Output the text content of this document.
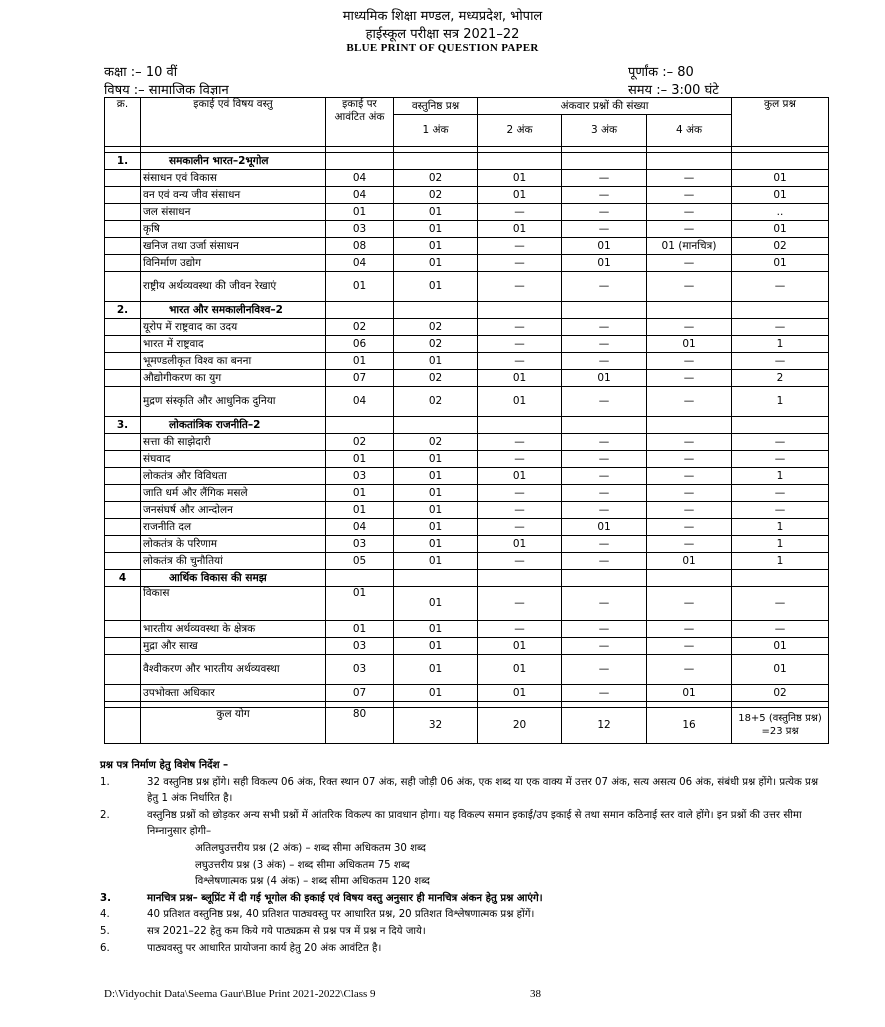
माध्यमिक शिक्षा मण्डल, मध्यप्रदेश, भोपाल
हाईस्कूल परीक्षा सत्र 2021–22
BLUE PRINT OF QUESTION PAPER
कक्षा :– 10 वीं
विषय :– सामाजिक विज्ञान
पूर्णांक :– 80
समय :– 3:00 घंटे
क्र.	इकाई एवं विषय वस्तु	इकाई पर आवंटित अंक	वस्तुनिष्ठ प्रश्न	अंकवार प्रश्नों की संख्या			कुल प्रश्न
			1 अंक	2 अंक	3 अंक	4 अंक	

1.	समकालीन भारत–2भूगोल						
	संसाधन एवं विकास	04	02	01	—	—	01
	वन एवं वन्य जीव संसाधन	04	02	01	—	—	01
	जल संसाधन	01	01	—	—	—	..
	कृषि	03	01	01	—	—	01
	खनिज तथा उर्जा संसाधन	08	01	—	01	01 (मानचित्र)	02
	विनिर्माण उद्योग	04	01	—	01	—	01
	राष्ट्रीय अर्थव्यवस्था की जीवन रेखाएं	01	01	—	—	—	—
2.	भारत और समकालीनविश्व–2						
	यूरोप में राष्ट्रवाद का उदय	02	02	—	—	—	—
	भारत में राष्ट्रवाद	06	02	—	—	01	1
	भूमण्डलीकृत विश्व का बनना	01	01	—	—	—	—
	औद्योगीकरण का युग	07	02	01	01	—	2
	मुद्रण संस्कृति और आधुनिक दुनिया	04	02	01	—	—	1
3.	लोकतांत्रिक राजनीति–2						
	सत्ता की साझेदारी	02	02	—	—	—	—
	संघवाद	01	01	—	—	—	—
	लोकतंत्र और विविधता	03	01	01	—	—	1
	जाति धर्म और लैंगिक मसले	01	01	—	—	—	—
	जनसंघर्ष और आन्दोलन	01	01	—	—	—	—
	राजनीति दल	04	01	—	01	—	1
	लोकतंत्र के परिणाम	03	01	01	—	—	1
	लोकतंत्र की चुनौतियां	05	01	—	—	01	1
4	आर्थिक विकास की समझ						
	विकास	01	01	—	—	—	—
	भारतीय अर्थव्यवस्था के क्षेत्रक	01	01	—	—	—	—
	मुद्रा और साख	03	01	01	—	—	01
	वैश्वीकरण और भारतीय अर्थव्यवस्था	03	01	01	—	—	01
	उपभोक्ता अधिकार	07	01	01	—	01	02

	कुल योग	80	32	20	12	16	18+5 (वस्तुनिष्ठ प्रश्न) =23 प्रश्न
प्रश्न पत्र निर्माण हेतु विशेष निर्देश –
1.	32 वस्तुनिष्ठ प्रश्न होंगे। सही विकल्प 06 अंक, रिक्त स्थान 07 अंक, सही जोड़ी 06 अंक, एक शब्द या एक वाक्य में उत्तर 07 अंक, सत्य असत्य 06 अंक, संबंधी प्रश्न होंगे। प्रत्येक प्रश्न हेतु 1 अंक निर्धारित है।
2.	वस्तुनिष्ठ प्रश्नों को छोड़कर अन्य सभी प्रश्नों में आंतरिक विकल्प का प्रावधान होगा। यह विकल्प समान इकाई/उप इकाई से तथा समान कठिनाई स्तर वाले होंगे। इन प्रश्नों की उत्तर सीमा निम्नानुसार होगी–
अतिलघुउत्तरीय प्रश्न (2 अंक) – शब्द सीमा अधिकतम 30 शब्द
लघुउत्तरीय प्रश्न (3 अंक) – शब्द सीमा अधिकतम 75 शब्द
विश्लेषणात्मक प्रश्न (4 अंक) – शब्द सीमा अधिकतम 120 शब्द
3.	मानचित्र प्रश्न– ब्लूप्रिंट में दी गई भूगोल की इकाई एवं विषय वस्तु अनुसार ही मानचित्र अंकन हेतु प्रश्न आएंगे।
4.	40 प्रतिशत वस्तुनिष्ठ प्रश्न, 40 प्रतिशत पाठ्यवस्तु पर आधारित प्रश्न, 20 प्रतिशत विश्लेषणात्मक प्रश्न होंगें।
5.	सत्र 2021–22 हेतु कम किये गये पाठ्यक्रम से प्रश्न पत्र में प्रश्न न दिये जाये।
6.	पाठ्यवस्तु पर आधारित प्रायोजना कार्य हेतु 20 अंक आवंटित है।
D:\Vidyochit Data\Seema Gaur\Blue Print 2021-2022\Class 9	38
